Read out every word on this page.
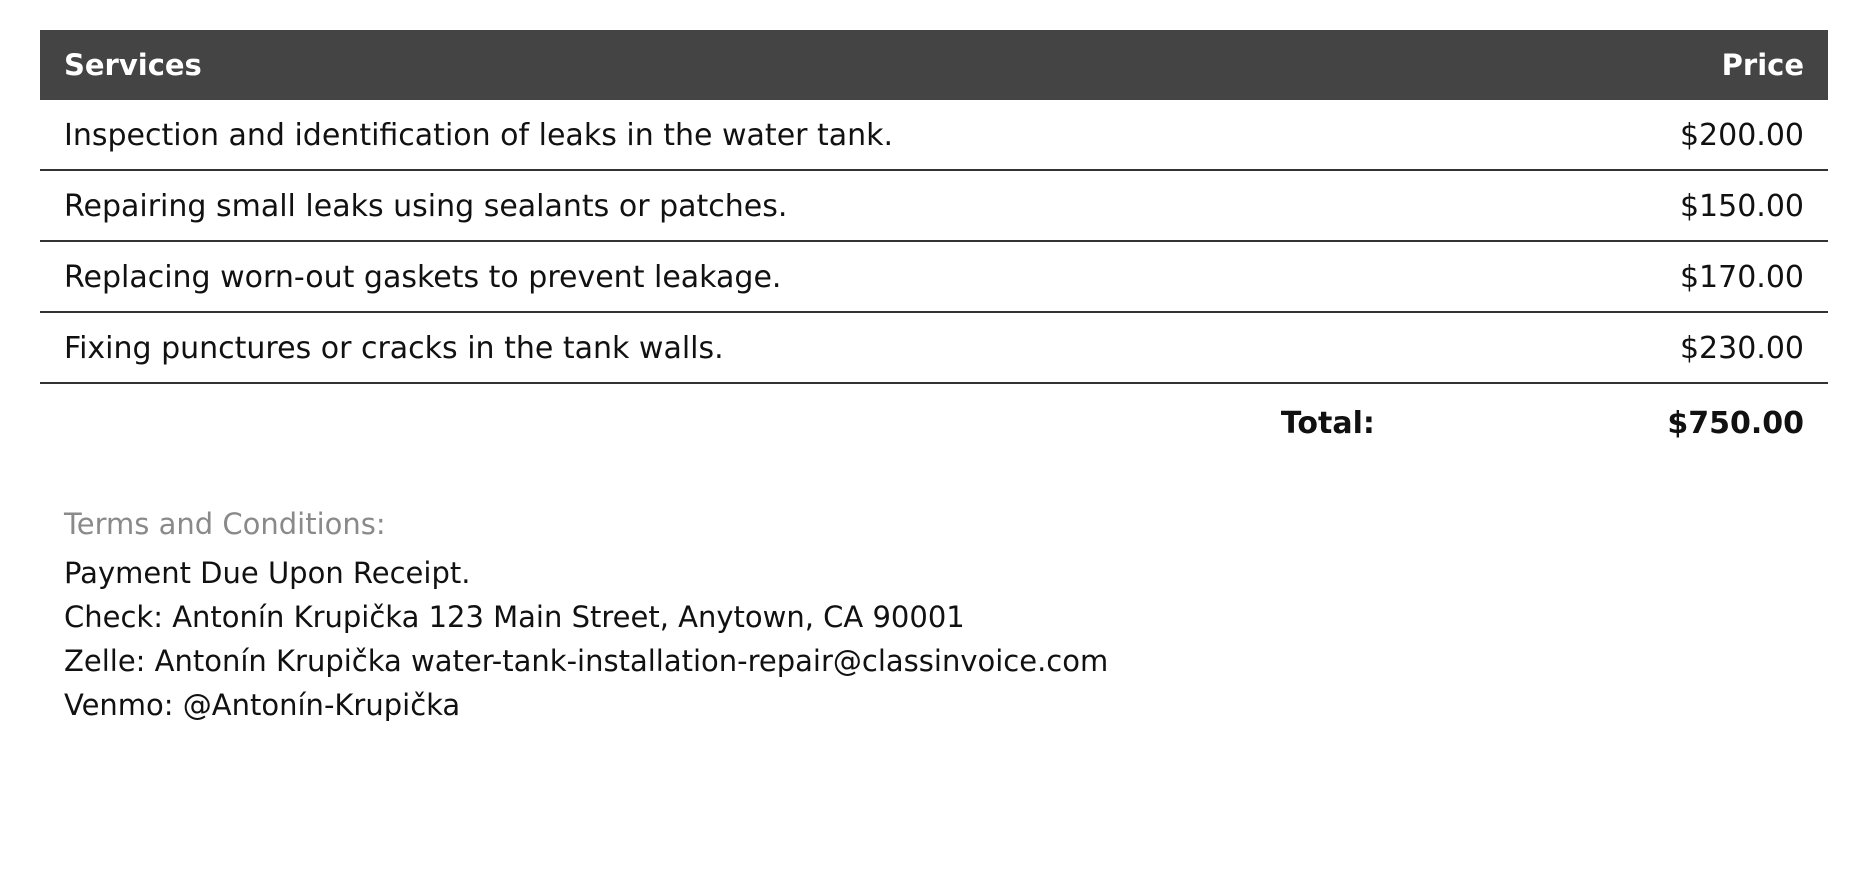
Services	Price
Inspection and identification of leaks in the water tank.	$200.00
Repairing small leaks using sealants or patches.	$150.00
Replacing worn-out gaskets to prevent leakage.	$170.00
Fixing punctures or cracks in the tank walls.	$230.00
Total:	$750.00
Terms and Conditions:
Payment Due Upon Receipt.
Check: Antonín Krupička 123 Main Street, Anytown, CA 90001
Zelle: Antonín Krupička water-tank-installation-repair@classinvoice.com
Venmo: @Antonín-Krupička
